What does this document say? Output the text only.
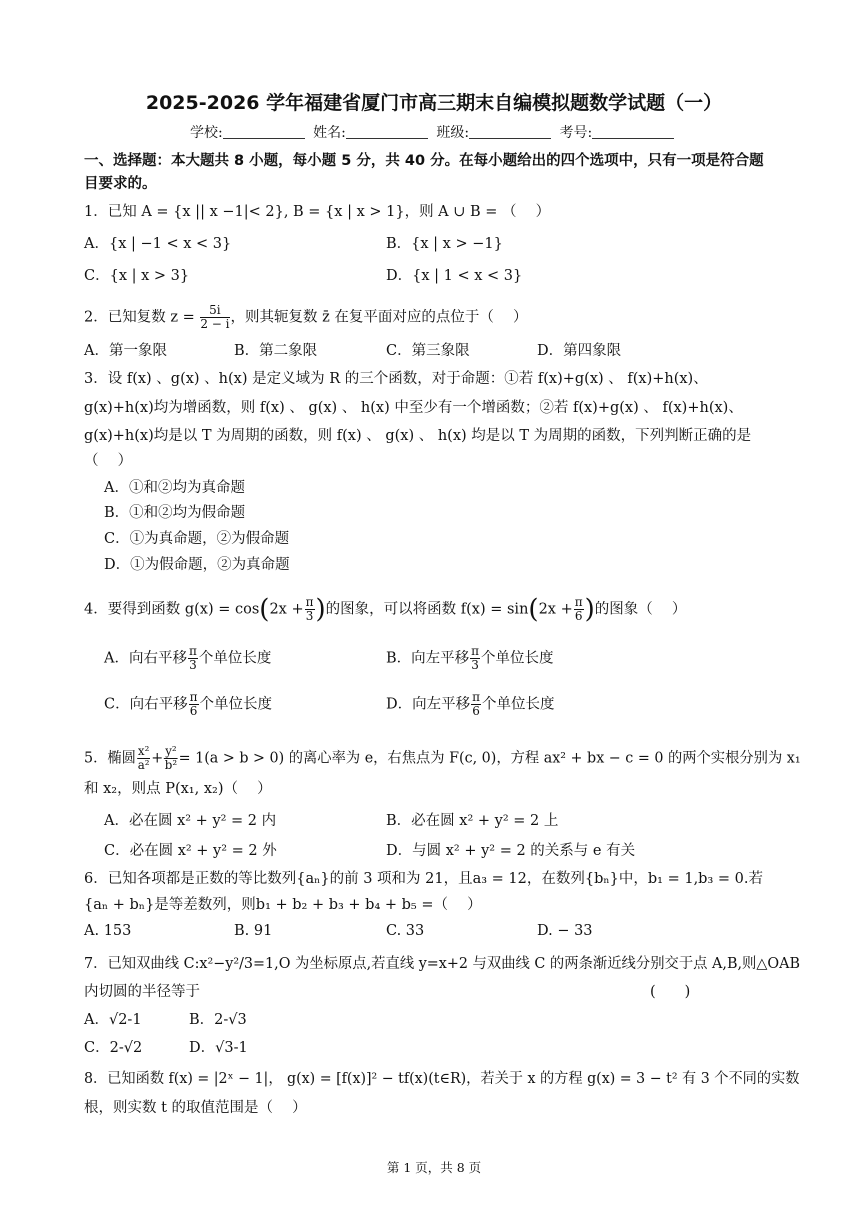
2025-2026 学年福建省厦门市高三期末自编模拟题数学试题（一）
学校:	姓名:	班级:	考号:
一、选择题：本大题共 8 小题，每小题 5 分，共 40 分。在每小题给出的四个选项中，只有一项是符合题
目要求的。
1．已知 A = {x || x −1|< 2}, B = {x | x > 1}，则 A ∪ B = （　 ）
A．{x | −1 < x < 3}	B．{x | x > −1}
C．{x | x > 3}	D．{x | 1 < x < 3}
2．已知复数 $z = \frac{5i}{2 - i}$ ，则其轭复数 z̄ 在复平面对应的点位于（　 ）
A．第一象限	B．第二象限	C．第三象限	D．第四象限
3．设 f(x) 、g(x) 、h(x) 是定义域为 R 的三个函数，对于命题：①若 f(x)+g(x) 、 f(x)+h(x)、
g(x)+h(x)均为增函数，则 f(x) 、 g(x) 、 h(x) 中至少有一个增函数；②若 f(x)+g(x) 、 f(x)+h(x)、
g(x)+h(x)均是以 T 为周期的函数，则 f(x) 、 g(x) 、 h(x) 均是以 T 为周期的函数，下列判断正确的是
（　 ）
A．①和②均为真命题
B．①和②均为假命题
C．①为真命题，②为假命题
D．①为假命题，②为真命题
4．要得到函数 $g(x) = \cos(2x + \frac{\pi}{3}$ )的图象，可以将函数 $f(x) = \sin(2x + \frac{\pi}{6}$ )的图象（　 ）
A．向右平移 $\frac{\pi}{3}$ 个单位长度	B．向左平移 $\frac{\pi}{3}$ 个单位长度
C．向右平移 $\frac{\pi}{6}$ 个单位长度	D．向左平移 $\frac{\pi}{6}$ 个单位长度
5．椭圆 $\frac{\text{x²}}{\text{a²}} + \frac{\text{y²}}{\text{b²}} = 1(a > b > 0)$ 的离心率为 e，右焦点为 F(c, 0)，方程 ax² + bx − c = 0 的两个实根分别为 x₁
和 x₂，则点 P(x₁, x₂)（　 ）
A．必在圆 x² + y² = 2 内	B．必在圆 x² + y² = 2 上
C．必在圆 x² + y² = 2 外	D．与圆 x² + y² = 2 的关系与 e 有关
6．已知各项都是正数的等比数列{aₙ}的前 3 项和为 21，且a₃ = 12，在数列{bₙ}中，b₁ = 1,b₃ = 0.若
{aₙ + bₙ}是等差数列，则b₁ + b₂ + b₃ + b₄ + b₅ =（　 ）
A. 153	B. 91	C. 33	D. − 33
7．已知双曲线 C:x²−y²/3=1,O 为坐标原点,若直线 y=x+2 与双曲线 C 的两条渐近线分别交于点 A,B,则△OAB
内切圆的半径等于	(　　)
A．√2-1	B．2-√3
C．2-√2	D．√3-1
8．已知函数 f(x) = |2ˣ − 1|， g(x) = [f(x)]² − tf(x)(t∈R)，若关于 x 的方程 g(x) = 3 − t² 有 3 个不同的实数
根，则实数 t 的取值范围是（　 ）
第 1 页，共 8 页
